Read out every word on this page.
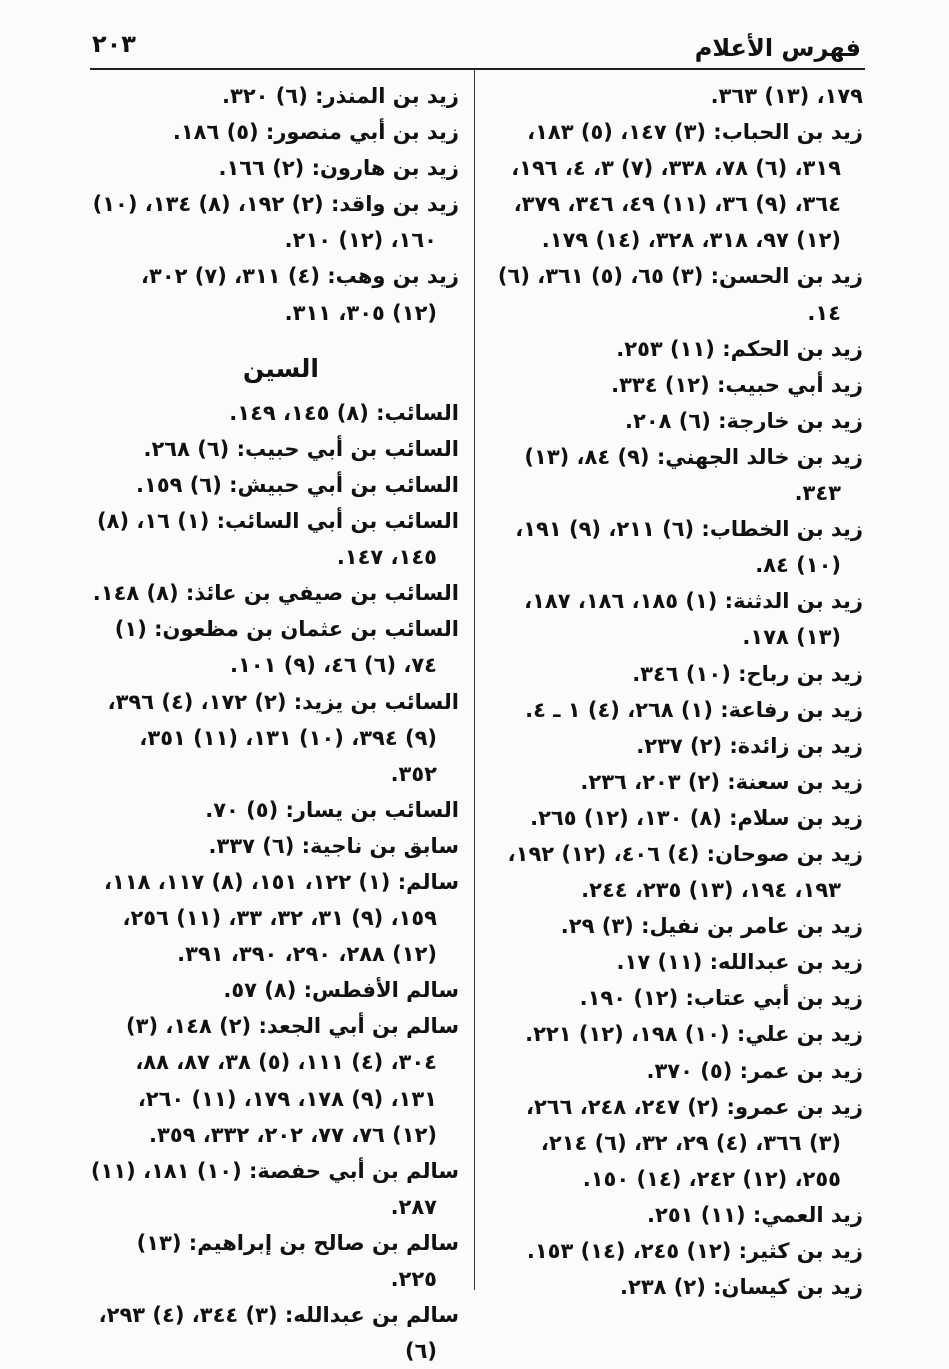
فهرس الأعلام
٢٠٣

١٧٩، (١٣) ٣٦٣.

زيد بن الحباب: (٣) ١٤٧، (٥) ١٨٣، ٣١٩، (٦) ٧٨، ٣٣٨، (٧) ٣، ٤، ١٩٦، ٣٦٤، (٩) ٣٦، (١١) ٤٩، ٣٤٦، ٣٧٩، (١٢) ٩٧، ٣١٨، ٣٢٨، (١٤) ١٧٩.

زيد بن الحسن: (٣) ٦٥، (٥) ٣٦١، (٦) ١٤.

زيد بن الحكم: (١١) ٢٥٣.

زيد أبي حبيب: (١٢) ٣٣٤.

زيد بن خارجة: (٦) ٢٠٨.

زيد بن خالد الجهني: (٩) ٨٤، (١٣) ٣٤٣.

زيد بن الخطاب: (٦) ٢١١، (٩) ١٩١، (١٠) ٨٤.

زيد بن الدثنة: (١) ١٨٥، ١٨٦، ١٨٧، (١٣) ١٧٨.

زيد بن رباح: (١٠) ٣٤٦.

زيد بن رفاعة: (١) ٢٦٨، (٤) ١ ـ ٤.

زيد بن زائدة: (٢) ٢٣٧.

زيد بن سعنة: (٢) ٢٠٣، ٢٣٦.

زيد بن سلام: (٨) ١٣٠، (١٢) ٢٦٥.

زيد بن صوحان: (٤) ٤٠٦، (١٢) ١٩٢، ١٩٣، ١٩٤، (١٣) ٢٣٥، ٢٤٤.

زيد بن عامر بن نفيل: (٣) ٢٩.

زيد بن عبدالله: (١١) ١٧.

زيد بن أبي عتاب: (١٢) ١٩٠.

زيد بن علي: (١٠) ١٩٨، (١٢) ٢٢١.

زيد بن عمر: (٥) ٣٧٠.

زيد بن عمرو: (٢) ٢٤٧، ٢٤٨، ٢٦٦، (٣) ٣٦٦، (٤) ٢٩، ٣٢، (٦) ٢١٤، ٢٥٥، (١٢) ٢٤٢، (١٤) ١٥٠.

زيد العمي: (١١) ٢٥١.

زيد بن كثير: (١٢) ٢٤٥، (١٤) ١٥٣.

زيد بن كيسان: (٢) ٢٣٨.

زيد بن المنذر: (٦) ٣٢٠.

زيد بن أبي منصور: (٥) ١٨٦.

زيد بن هارون: (٢) ١٦٦.

زيد بن واقد: (٢) ١٩٢، (٨) ١٣٤، (١٠) ١٦٠، (١٢) ٢١٠.

زيد بن وهب: (٤) ٣١١، (٧) ٣٠٢، (١٢) ٣٠٥، ٣١١.

السين

السائب: (٨) ١٤٥، ١٤٩.

السائب بن أبي حبيب: (٦) ٢٦٨.

السائب بن أبي حبيش: (٦) ١٥٩.

السائب بن أبي السائب: (١) ١٦، (٨) ١٤٥، ١٤٧.

السائب بن صيفي بن عائذ: (٨) ١٤٨.

السائب بن عثمان بن مظعون: (١) ٧٤، (٦) ٤٦، (٩) ١٠١.

السائب بن يزيد: (٢) ١٧٢، (٤) ٣٩٦، (٩) ٣٩٤، (١٠) ١٣١، (١١) ٣٥١، ٣٥٢.

السائب بن يسار: (٥) ٧٠.

سابق بن ناجية: (٦) ٣٣٧.

سالم: (١) ١٢٢، ١٥١، (٨) ١١٧، ١١٨، ١٥٩، (٩) ٣١، ٣٢، ٣٣، (١١) ٢٥٦، (١٢) ٢٨٨، ٢٩٠، ٣٩٠، ٣٩١.

سالم الأفطس: (٨) ٥٧.

سالم بن أبي الجعد: (٢) ١٤٨، (٣) ٣٠٤، (٤) ١١١، (٥) ٣٨، ٨٧، ٨٨، ١٣١، (٩) ١٧٨، ١٧٩، (١١) ٢٦٠، (١٢) ٧٦، ٧٧، ٢٠٢، ٣٣٢، ٣٥٩.

سالم بن أبي حفصة: (١٠) ١٨١، (١١) ٢٨٧.

سالم بن صالح بن إبراهيم: (١٣) ٢٢٥.

سالم بن عبدالله: (٣) ٣٤٤، (٤) ٢٩٣، (٦)
